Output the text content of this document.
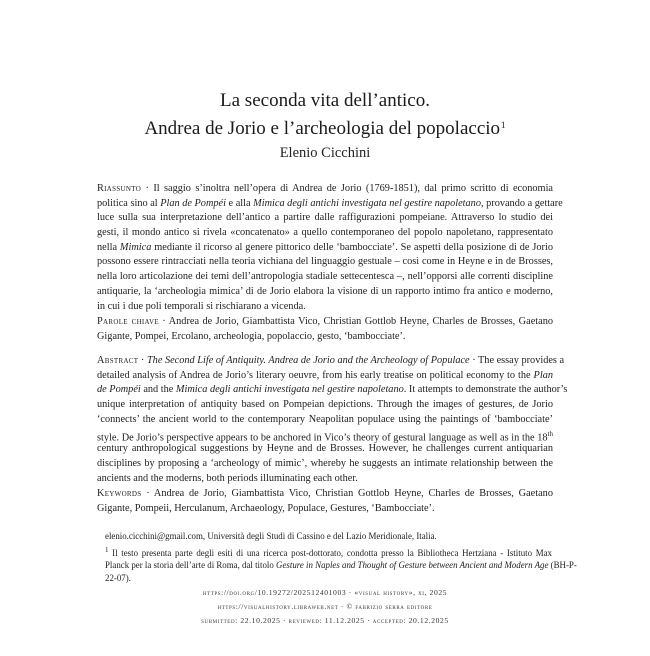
La seconda vita dell’antico.
Andrea de Jorio e l’archeologia del popolaccio$^1$
Elenio Cicchini
Riassunto · Il saggio s’inoltra nell’opera di Andrea de Jorio (1769-1851), dal primo scritto di economia
politica sino al Plan de Pompéi e alla Mimica degli antichi investigata nel gestire napoletano, provando a gettare
luce sulla sua interpretazione dell’antico a partire dalle raffigurazioni pompeiane. Attraverso lo studio dei
gesti, il mondo antico si rivela «concatenato» a quello contemporaneo del popolo napoletano, rappresentato
nella Mimica mediante il ricorso al genere pittorico delle ‘bambocciate’. Se aspetti della posizione di de Jorio
possono essere rintracciati nella teoria vichiana del linguaggio gestuale – così come in Heyne e in de Brosses,
nella loro articolazione dei temi dell’antropologia stadiale settecentesca –, nell’opporsi alle correnti discipline
antiquarie, la ‘archeologia mimica’ di de Jorio elabora la visione di un rapporto intimo fra antico e moderno,
in cui i due poli temporali si rischiarano a vicenda.
Parole chiave · Andrea de Jorio, Giambattista Vico, Christian Gottlob Heyne, Charles de Brosses, Gaetano
Gigante, Pompei, Ercolano, archeologia, popolaccio, gesto, ‘bambocciate’.
Abstract · The Second Life of Antiquity. Andrea de Jorio and the Archeology of Populace · The essay provides a
detailed analysis of Andrea de Jorio’s literary oeuvre, from his early treatise on political economy to the Plan
de Pompéi and the Mimica degli antichi investigata nel gestire napoletano. It attempts to demonstrate the author’s
unique interpretation of antiquity based on Pompeian depictions. Through the images of gestures, de Jorio
‘connects’ the ancient world to the contemporary Neapolitan populace using the paintings of ‘bambocciate’
style. De Jorio’s perspective appears to be anchored in Vico’s theory of gestural language as well as in the 18th
century anthropological suggestions by Heyne and de Brosses. However, he challenges current antiquarian
disciplines by proposing a ‘archeology of mimic’, whereby he suggests an intimate relationship between the
ancients and the moderns, both periods illuminating each other.
Keywords · Andrea de Jorio, Giambattista Vico, Christian Gottlob Heyne, Charles de Brosses, Gaetano
Gigante, Pompeii, Herculanum, Archaeology, Populace, Gestures, ‘Bambocciate’.
elenio.cicchini@gmail.com, Università degli Studi di Cassino e del Lazio Meridionale, Italia.
$^1$ Il testo presenta parte degli esiti di una ricerca post-dottorato, condotta presso la Bibliotheca Hertziana - Istituto Max
Planck per la storia dell’arte di Roma, dal titolo Gesture in Naples and Thought of Gesture between Ancient and Modern Age (BH-P-
22-07).
https://doi.org/10.19272/202512401003 · «visual history», xi, 2025
https://visualhistory.libraweb.net · © fabrizio serra editore
submitted: 22.10.2025 · reviewed: 11.12.2025 · accepted: 20.12.2025
